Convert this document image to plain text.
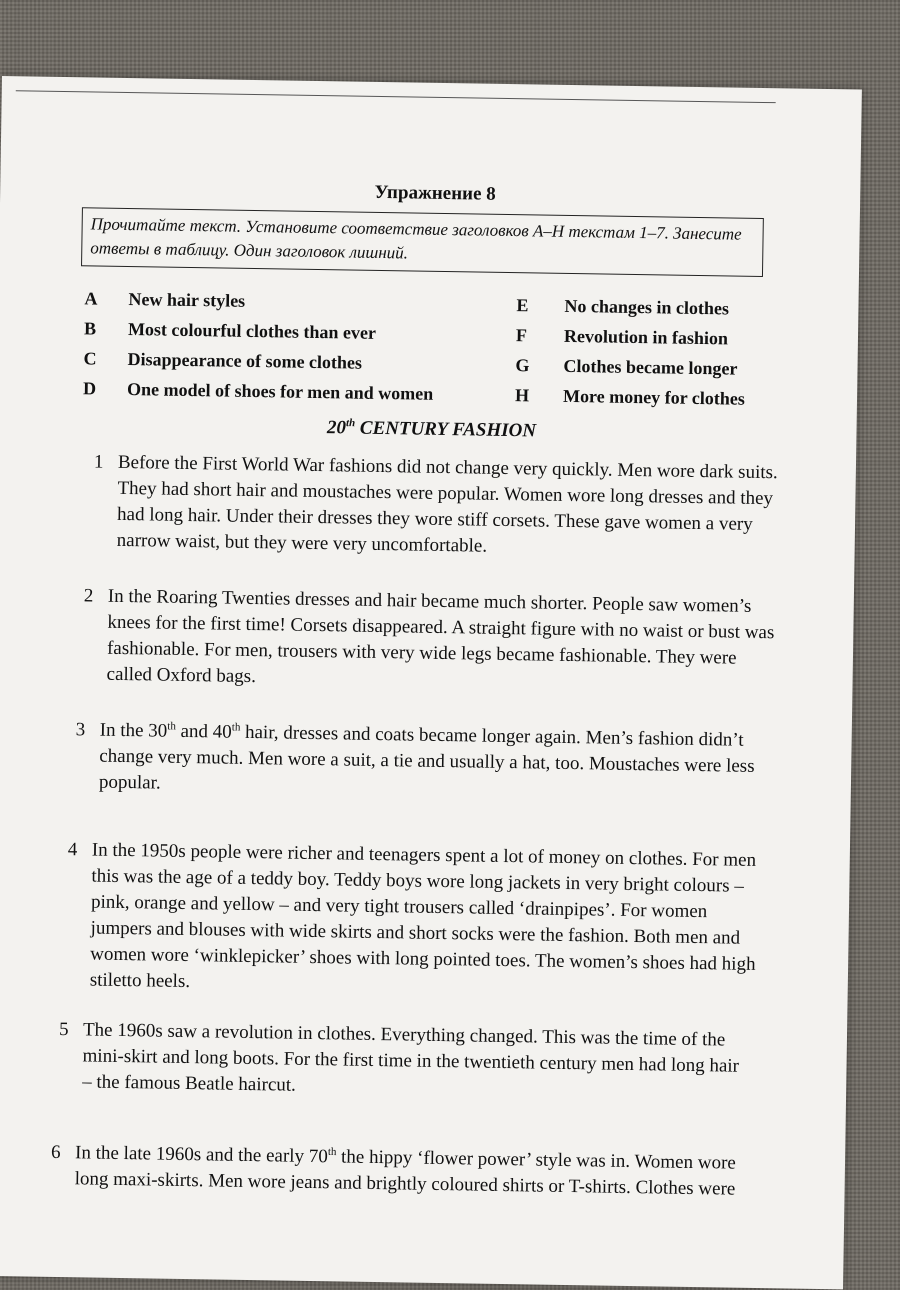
Упражнение 8
Прочитайте текст. Установите соответствие заголовков A–H текстам 1–7. Занесите ответы в таблицу. Один заголовок лишний.
A	New hair styles
B	Most colourful clothes than ever
C	Disappearance of some clothes
D	One model of shoes for men and women
E	No changes in clothes
F	Revolution in fashion
G	Clothes became longer
H	More money for clothes
20th CENTURY FASHION
1 Before the First World War fashions did not change very quickly. Men wore dark suits. They had short hair and moustaches were popular. Women wore long dresses and they had long hair. Under their dresses they wore stiff corsets. These gave women a very narrow waist, but they were very uncomfortable.
2 In the Roaring Twenties dresses and hair became much shorter. People saw women’s knees for the first time! Corsets disappeared. A straight figure with no waist or bust was fashionable. For men, trousers with very wide legs became fashionable. They were called Oxford bags.
3 In the 30th and 40th hair, dresses and coats became longer again. Men’s fashion didn’t change very much. Men wore a suit, a tie and usually a hat, too. Moustaches were less popular.
4 In the 1950s people were richer and teenagers spent a lot of money on clothes. For men this was the age of a teddy boy. Teddy boys wore long jackets in very bright colours – pink, orange and yellow – and very tight trousers called ‘drainpipes’. For women jumpers and blouses with wide skirts and short socks were the fashion. Both men and women wore ‘winklepicker’ shoes with long pointed toes. The women’s shoes had high stiletto heels.
5 The 1960s saw a revolution in clothes. Everything changed. This was the time of the mini-skirt and long boots. For the first time in the twentieth century men had long hair – the famous Beatle haircut.
6 In the late 1960s and the early 70th the hippy ‘flower power’ style was in. Women wore long maxi-skirts. Men wore jeans and brightly coloured shirts or T-shirts. Clothes were
